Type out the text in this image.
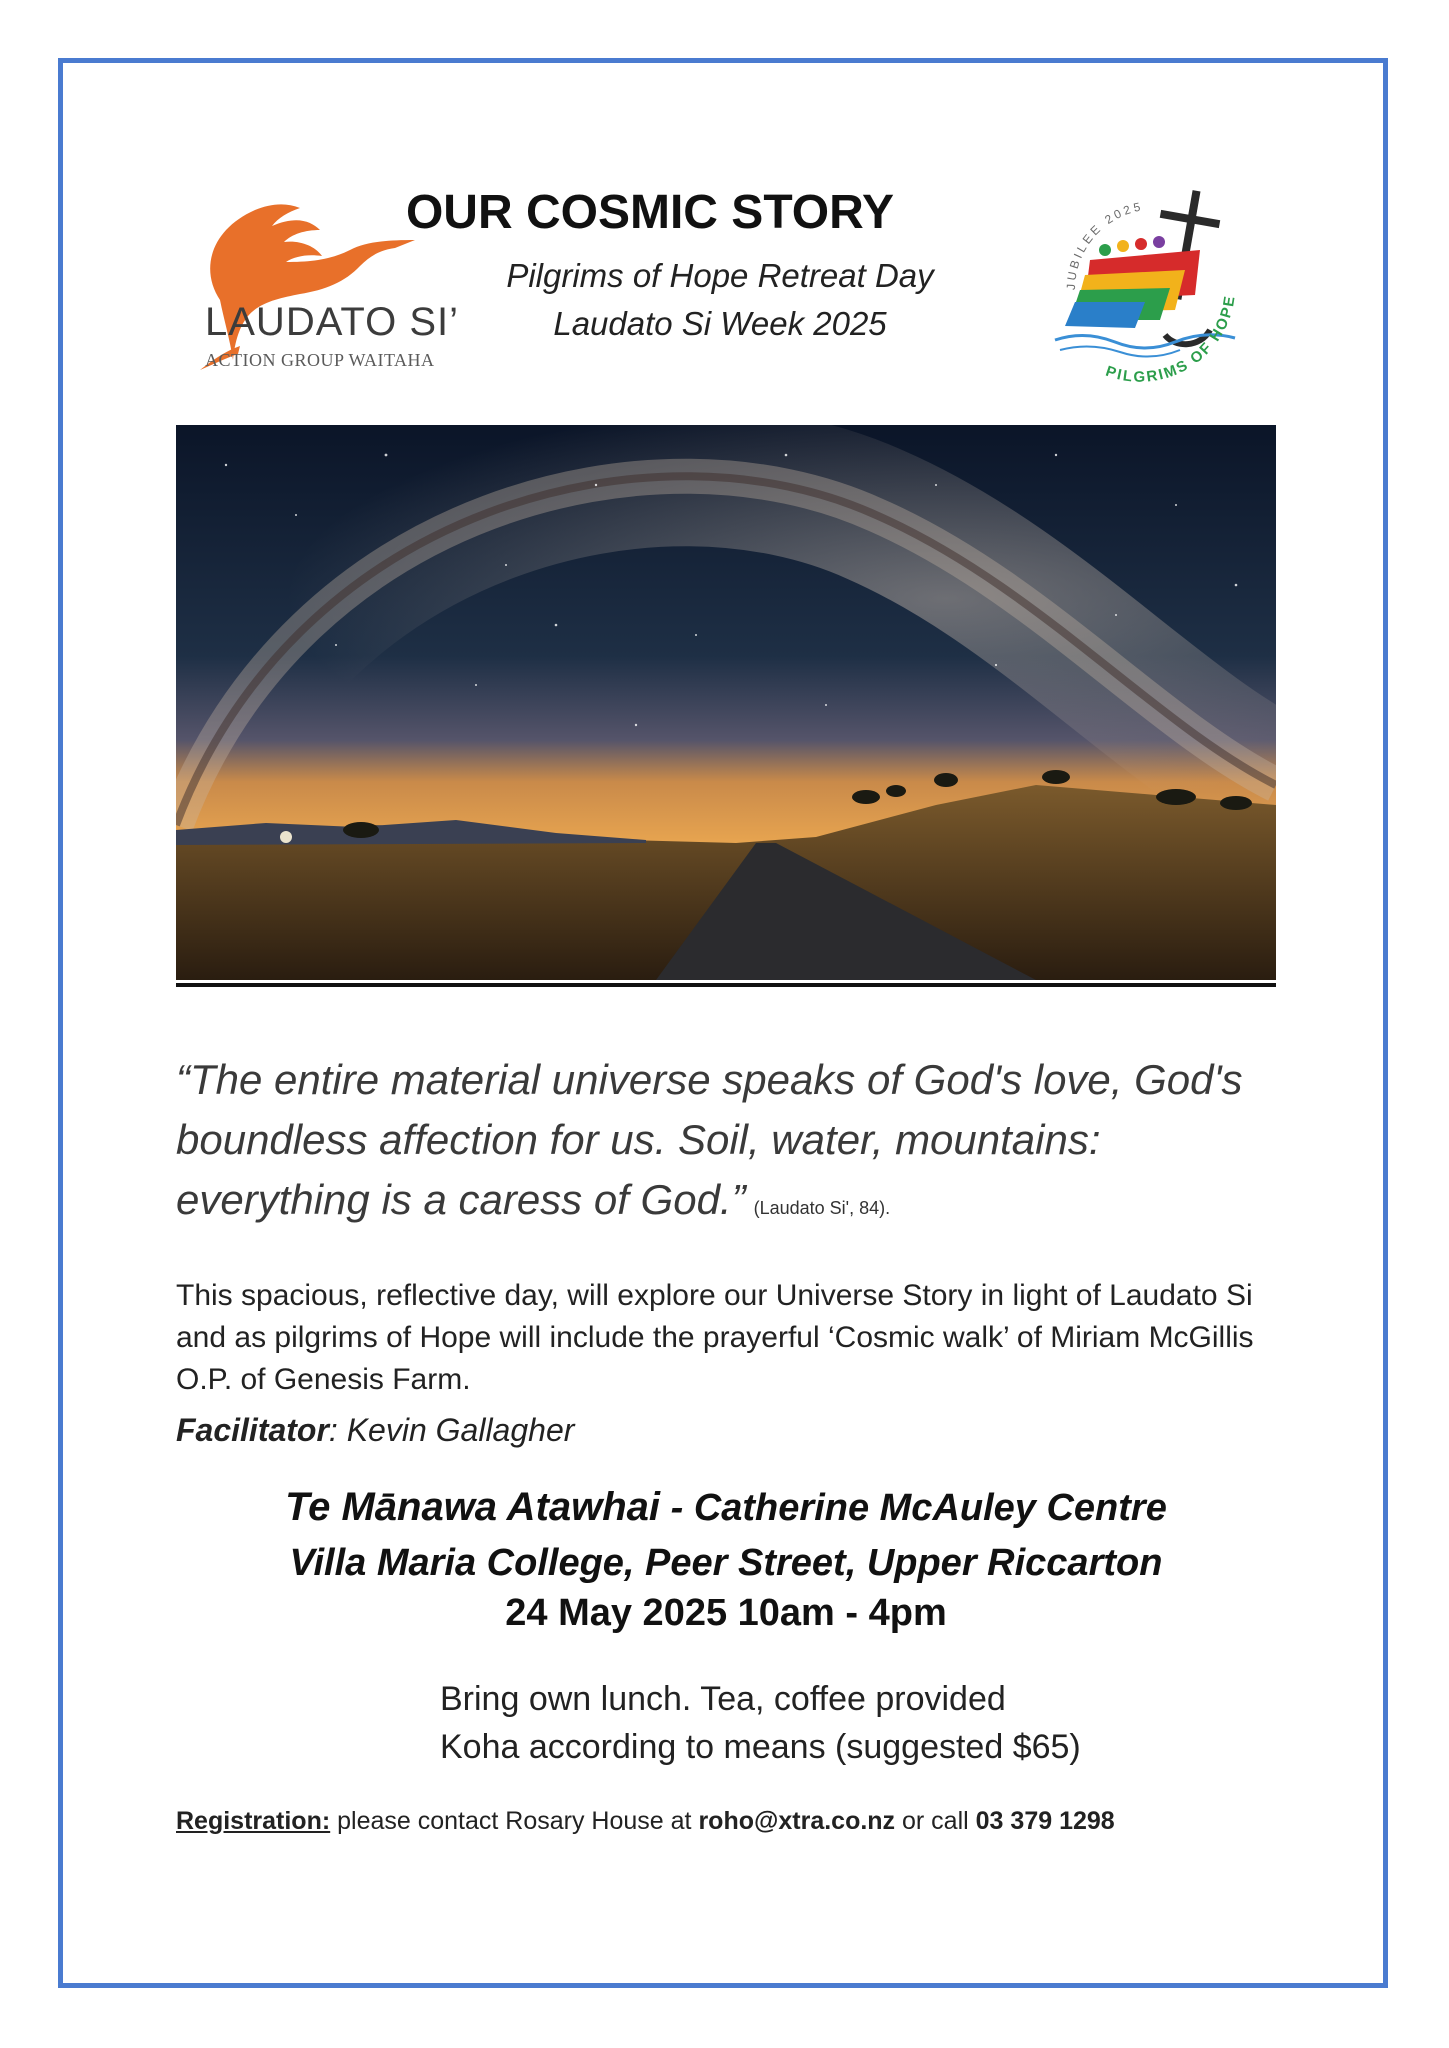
LAUDATO SI’
ACTION GROUP WAITAHA
OUR COSMIC STORY
Pilgrims of Hope Retreat Day
Laudato Si Week 2025
JUBILEE 2025
PILGRIMS OF HOPE
“The entire material universe speaks of God's love, God's boundless affection for us. Soil, water, mountains: everything is a caress of God.” (Laudato Si', 84).
This spacious, reflective day, will explore our Universe Story in light of Laudato Si and as pilgrims of Hope will include the prayerful ‘Cosmic walk’ of Miriam McGillis O.P. of Genesis Farm.
Facilitator: Kevin Gallagher
Te Mānawa Atawhai - Catherine McAuley Centre
Villa Maria College, Peer Street, Upper Riccarton
24 May 2025 10am - 4pm
Bring own lunch. Tea, coffee provided
Koha according to means (suggested $65)
Registration: please contact Rosary House at roho@xtra.co.nz or call 03 379 1298
